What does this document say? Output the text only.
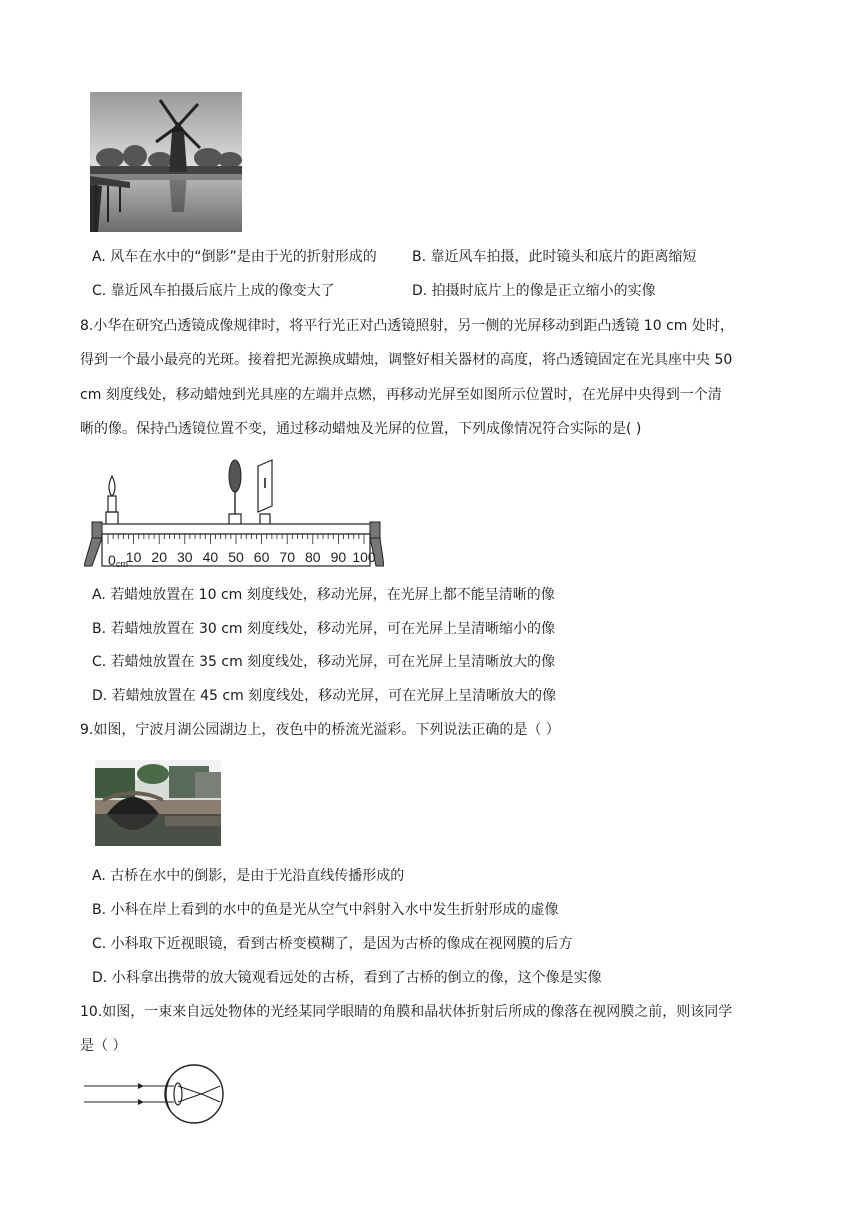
A. 风车在水中的“倒影”是由于光的折射形成的	B. 靠近风车拍摄，此时镜头和底片的距离缩短
C. 靠近风车拍摄后底片上成的像变大了	D. 拍摄时底片上的像是正立缩小的实像
8.小华在研究凸透镜成像规律时，将平行光正对凸透镜照射，另一侧的光屏移动到距凸透镜 10 cm 处时，
得到一个最小最亮的光斑。接着把光源换成蜡烛，调整好相关器材的高度，将凸透镜固定在光具座中央 50
cm 刻度线处，移动蜡烛到光具座的左端并点燃，再移动光屏至如图所示位置时，在光屏中央得到一个清
晰的像。保持凸透镜位置不变，通过移动蜡烛及光屏的位置，下列成像情况符合实际的是( )
0 cm
10 20 30 40 50 60 70 80 90 100
A. 若蜡烛放置在 10 cm 刻度线处，移动光屏，在光屏上都不能呈清晰的像
B. 若蜡烛放置在 30 cm 刻度线处，移动光屏，可在光屏上呈清晰缩小的像
C. 若蜡烛放置在 35 cm 刻度线处，移动光屏，可在光屏上呈清晰放大的像
D. 若蜡烛放置在 45 cm 刻度线处，移动光屏，可在光屏上呈清晰放大的像
9.如图，宁波月湖公园湖边上，夜色中的桥流光溢彩。下列说法正确的是（ ）
A. 古桥在水中的倒影，是由于光沿直线传播形成的
B. 小科在岸上看到的水中的鱼是光从空气中斜射入水中发生折射形成的虚像
C. 小科取下近视眼镜，看到古桥变模糊了，是因为古桥的像成在视网膜的后方
D. 小科拿出携带的放大镜观看远处的古桥，看到了古桥的倒立的像，这个像是实像
10.如图，一束来自远处物体的光经某同学眼睛的角膜和晶状体折射后所成的像落在视网膜之前，则该同学
是（ ）
